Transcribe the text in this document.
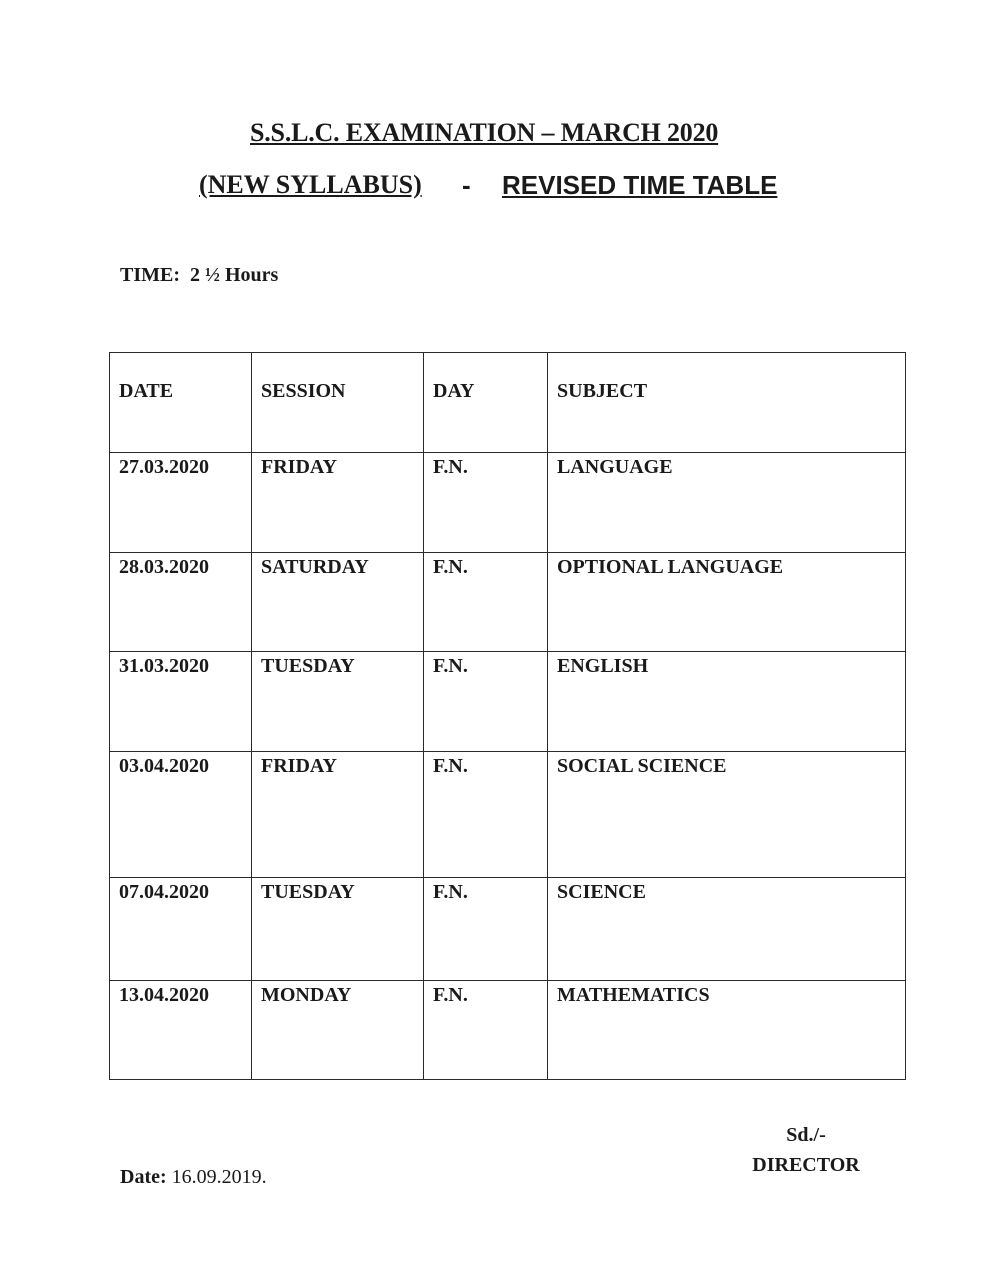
S.S.L.C. EXAMINATION – MARCH 2020
(NEW SYLLABUS) - REVISED TIME TABLE
TIME: 2 ½ Hours
DATE	SESSION	DAY	SUBJECT

27.03.2020	FRIDAY	F.N.	LANGUAGE

28.03.2020	SATURDAY	F.N.	OPTIONAL LANGUAGE

31.03.2020	TUESDAY	F.N.	ENGLISH

03.04.2020	FRIDAY	F.N.	SOCIAL SCIENCE

07.04.2020	TUESDAY	F.N.	SCIENCE

13.04.2020	MONDAY	F.N.	MATHEMATICS
Sd./-
DIRECTOR
Date: 16.09.2019.
